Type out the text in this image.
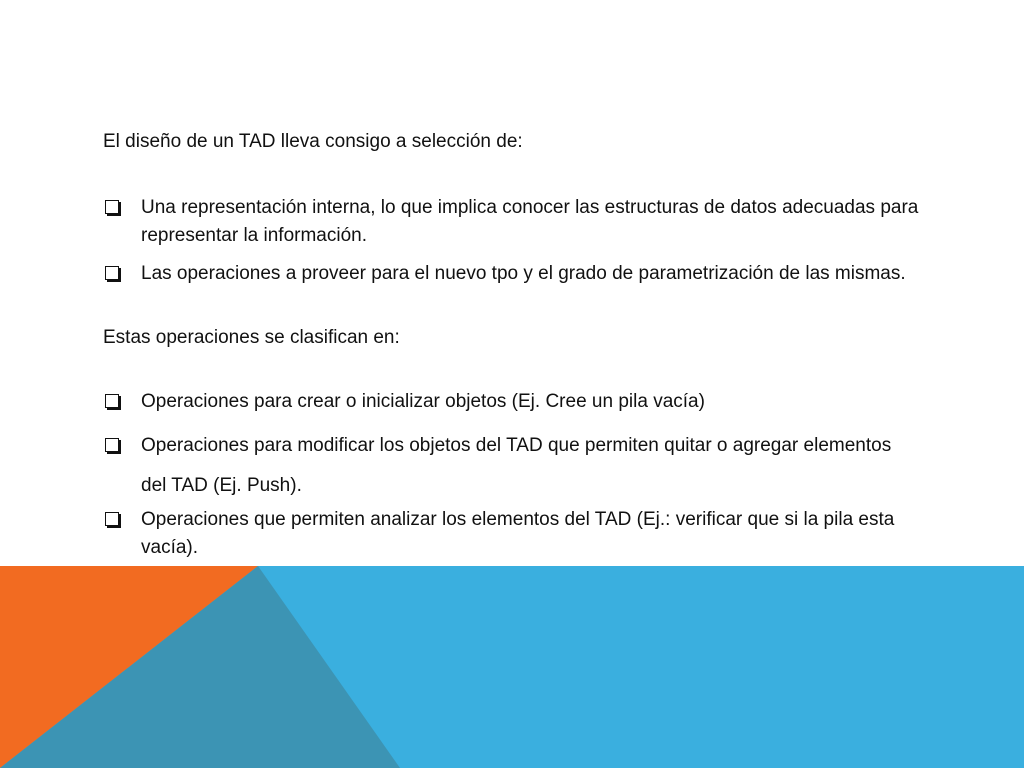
El diseño de un TAD lleva consigo a selección de:

Una representación interna, lo que implica conocer las estructuras de datos adecuadas para representar la información.
Las operaciones a proveer para el nuevo tpo y el grado de parametrización de las mismas.

Estas operaciones se clasifican en:

Operaciones para crear o inicializar objetos (Ej. Cree un pila vacía)
Operaciones para modificar los objetos del TAD que permiten quitar o agregar elementos del TAD (Ej. Push).
Operaciones que permiten analizar los elementos del TAD (Ej.: verificar que si la pila esta vacía).
